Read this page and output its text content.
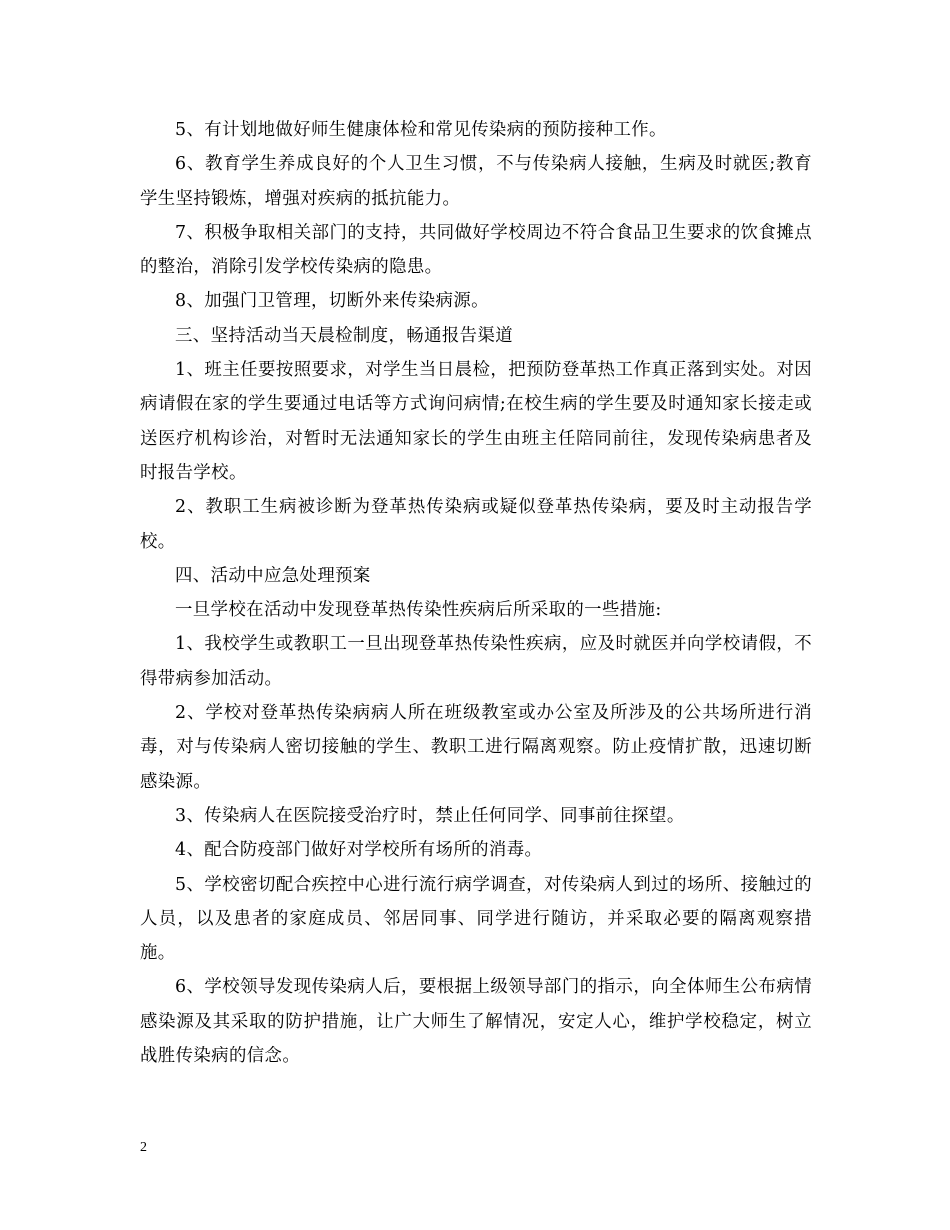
5、有计划地做好师生健康体检和常见传染病的预防接种工作。

6、教育学生养成良好的个人卫生习惯，不与传染病人接触，生病及时就医;教育学生坚持锻炼，增强对疾病的抵抗能力。

7、积极争取相关部门的支持，共同做好学校周边不符合食品卫生要求的饮食摊点的整治，消除引发学校传染病的隐患。

8、加强门卫管理，切断外来传染病源。

三、坚持活动当天晨检制度，畅通报告渠道

1、班主任要按照要求，对学生当日晨检，把预防登革热工作真正落到实处。对因病请假在家的学生要通过电话等方式询问病情;在校生病的学生要及时通知家长接走或送医疗机构诊治，对暂时无法通知家长的学生由班主任陪同前往，发现传染病患者及时报告学校。

2、教职工生病被诊断为登革热传染病或疑似登革热传染病，要及时主动报告学校。

四、活动中应急处理预案

一旦学校在活动中发现登革热传染性疾病后所采取的一些措施:

1、我校学生或教职工一旦出现登革热传染性疾病，应及时就医并向学校请假，不得带病参加活动。

2、学校对登革热传染病病人所在班级教室或办公室及所涉及的公共场所进行消毒，对与传染病人密切接触的学生、教职工进行隔离观察。防止疫情扩散，迅速切断感染源。

3、传染病人在医院接受治疗时，禁止任何同学、同事前往探望。

4、配合防疫部门做好对学校所有场所的消毒。

5、学校密切配合疾控中心进行流行病学调查，对传染病人到过的场所、接触过的人员，以及患者的家庭成员、邻居同事、同学进行随访，并采取必要的隔离观察措施。

6、学校领导发现传染病人后，要根据上级领导部门的指示，向全体师生公布病情感染源及其采取的防护措施，让广大师生了解情况，安定人心，维护学校稳定，树立战胜传染病的信念。

2
